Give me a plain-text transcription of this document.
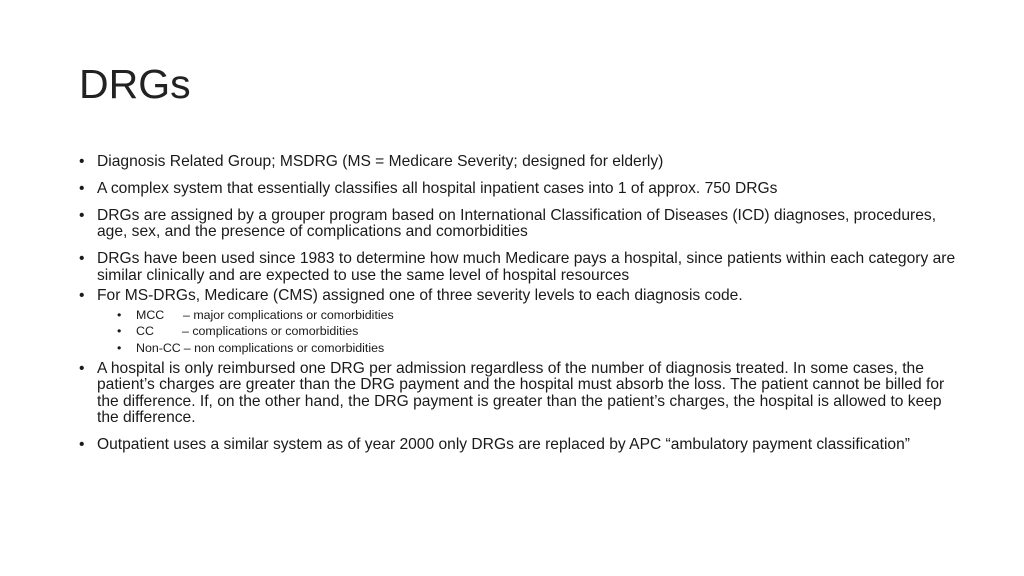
DRGs
• Diagnosis Related Group; MSDRG (MS = Medicare Severity; designed for elderly)
• A complex system that essentially classifies all hospital inpatient cases into 1 of approx. 750 DRGs
• DRGs are assigned by a grouper program based on International Classification of Diseases (ICD) diagnoses, procedures, age, sex, and the presence of complications and comorbidities
• DRGs have been used since 1983 to determine how much Medicare pays a hospital, since patients within each category are similar clinically and are expected to use the same level of hospital resources
• For MS-DRGs, Medicare (CMS) assigned one of three severity levels to each diagnosis code.
• MCC – major complications or comorbidities
• CC – complications or comorbidities
• Non-CC – non complications or comorbidities
• A hospital is only reimbursed one DRG per admission regardless of the number of diagnosis treated. In some cases, the patient’s charges are greater than the DRG payment and the hospital must absorb the loss. The patient cannot be billed for the difference. If, on the other hand, the DRG payment is greater than the patient’s charges, the hospital is allowed to keep the difference.
• Outpatient uses a similar system as of year 2000 only DRGs are replaced by APC “ambulatory payment classification”
